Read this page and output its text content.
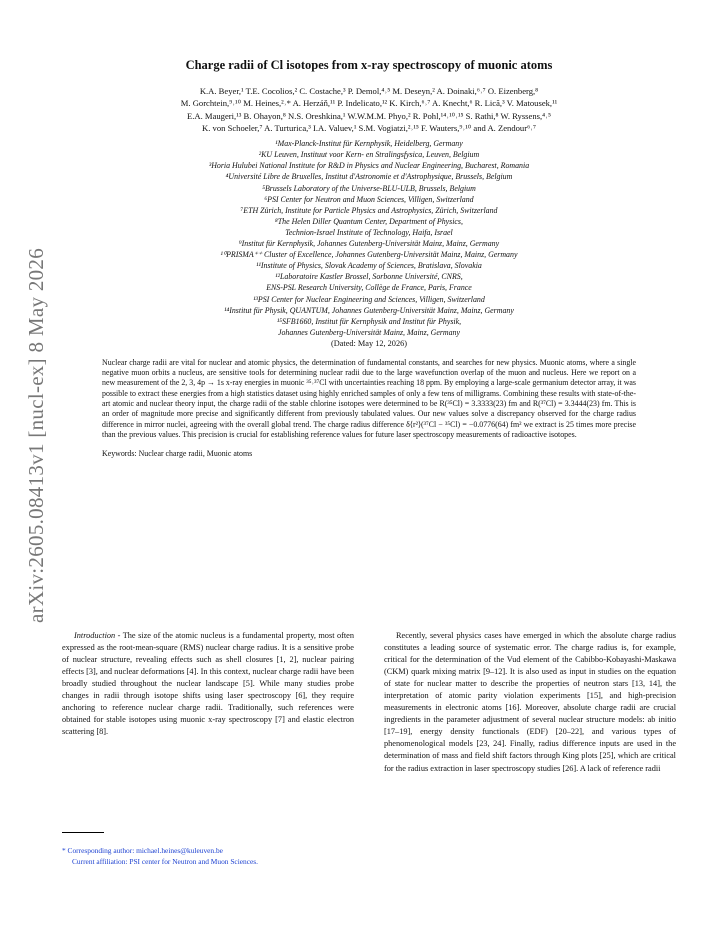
arXiv:2605.08413v1 [nucl-ex] 8 May 2026
Charge radii of Cl isotopes from x-ray spectroscopy of muonic atoms
K.A. Beyer,¹ T.E. Cocolios,² C. Costache,³ P. Demol,⁴˒⁵ M. Deseyn,² A. Doinaki,⁶˒⁷ O. Eizenberg,⁸
M. Gorchtein,⁹˒¹⁰ M. Heines,²˒* A. Herzáň,¹¹ P. Indelicato,¹² K. Kirch,⁶˒⁷ A. Knecht,⁶ R. Lică,³ V. Matousek,¹¹
E.A. Maugeri,¹³ B. Ohayon,⁸ N.S. Oreshkina,¹ W.W.M.M. Phyo,² R. Pohl,¹⁴˒¹⁰˒¹⁵ S. Rathi,⁸ W. Ryssens,⁴˒⁵
K. von Schoeler,⁷ A. Turturica,³ I.A. Valuev,¹ S.M. Vogiatzi,²˒¹⁵ F. Wauters,⁹˒¹⁰ and A. Zendour⁶˒⁷
¹Max-Planck-Institut für Kernphysik, Heidelberg, Germany
²KU Leuven, Instituut voor Kern- en Stralingsfysica, Leuven, Belgium
³Horia Hulubei National Institute for R&D in Physics and Nuclear Engineering, Bucharest, Romania
⁴Université Libre de Bruxelles, Institut d'Astronomie et d'Astrophysique, Brussels, Belgium
⁵Brussels Laboratory of the Universe-BLU-ULB, Brussels, Belgium
⁶PSI Center for Neutron and Muon Sciences, Villigen, Switzerland
⁷ETH Zürich, Institute for Particle Physics and Astrophysics, Zürich, Switzerland
⁸The Helen Diller Quantum Center, Department of Physics,
Technion-Israel Institute of Technology, Haifa, Israel
⁹Institut für Kernphysik, Johannes Gutenberg-Universität Mainz, Mainz, Germany
¹⁰PRISMA⁺⁺ Cluster of Excellence, Johannes Gutenberg-Universität Mainz, Mainz, Germany
¹¹Institute of Physics, Slovak Academy of Sciences, Bratislava, Slovakia
¹²Laboratoire Kastler Brossel, Sorbonne Université, CNRS,
ENS-PSL Research University, Collège de France, Paris, France
¹³PSI Center for Nuclear Engineering and Sciences, Villigen, Switzerland
¹⁴Institut für Physik, QUANTUM, Johannes Gutenberg-Universität Mainz, Mainz, Germany
¹⁵SFB1660, Institut für Kernphysik and Institut für Physik,
Johannes Gutenberg-Universität Mainz, Mainz, Germany
(Dated: May 12, 2026)
Nuclear charge radii are vital for nuclear and atomic physics, the determination of fundamental constants, and searches for new physics. Muonic atoms, where a single negative muon orbits a nucleus, are sensitive tools for determining nuclear radii due to the large wavefunction overlap of the muon and nucleus. Here we report on a new measurement of the 2, 3, 4p → 1s x-ray energies in muonic ³⁵˒³⁷Cl with uncertainties reaching 18 ppm. By employing a large-scale germanium detector array, it was possible to extract these energies from a high statistics dataset using highly enriched samples of only a few tens of milligrams. Combining these results with state-of-the-art atomic and nuclear theory input, the charge radii of the stable chlorine isotopes were determined to be R(³⁵Cl) = 3.3333(23) fm and R(³⁷Cl) = 3.3444(23) fm. This is an order of magnitude more precise and significantly different from previously tabulated values. Our new values solve a discrepancy observed for the charge radius difference in mirror nuclei, agreeing with the overall global trend. The charge radius difference δ⟨r²⟩(³⁷Cl − ³⁵Cl) = −0.0776(64) fm² we extract is 25 times more precise than the previous values. This precision is crucial for establishing reference values for future laser spectroscopy measurements of radioactive isotopes.
Keywords: Nuclear charge radii, Muonic atoms

Introduction - The size of the atomic nucleus is a fundamental property, most often expressed as the root-mean-square (RMS) nuclear charge radius. It is a sensitive probe of nuclear structure, revealing effects such as shell closures [1, 2], nuclear pairing effects [3], and nuclear deformations [4]. In this context, nuclear charge radii have been broadly studied throughout the nuclear landscape [5]. While many studies probe changes in radii through isotope shifts using laser spectroscopy [6], they require anchoring to reference nuclear charge radii. Traditionally, such references were obtained for stable isotopes using muonic x-ray spectroscopy [7] and elastic electron scattering [8].

Recently, several physics cases have emerged in which the absolute charge radius constitutes a leading source of systematic error. The charge radius is, for example, critical for the determination of the Vud element of the Cabibbo-Kobayashi-Maskawa (CKM) quark mixing matrix [9–12]. It is also used as input in studies on the equation of state for nuclear matter to describe the properties of neutron stars [13, 14], the interpretation of atomic parity violation experiments [15], and high-precision measurements in electronic atoms [16]. Moreover, absolute charge radii are crucial ingredients in the parameter adjustment of several nuclear structure models: ab initio [17–19], energy density functionals (EDF) [20–22], and various types of phenomenological models [23, 24]. Finally, radius difference inputs are used in the determination of mass and field shift factors through King plots [25], which are critical for the radius extraction in laser spectroscopy studies [26]. A lack of reference radii

* Corresponding author: michael.heines@kuleuven.be
Current affiliation: PSI center for Neutron and Muon Sciences.
